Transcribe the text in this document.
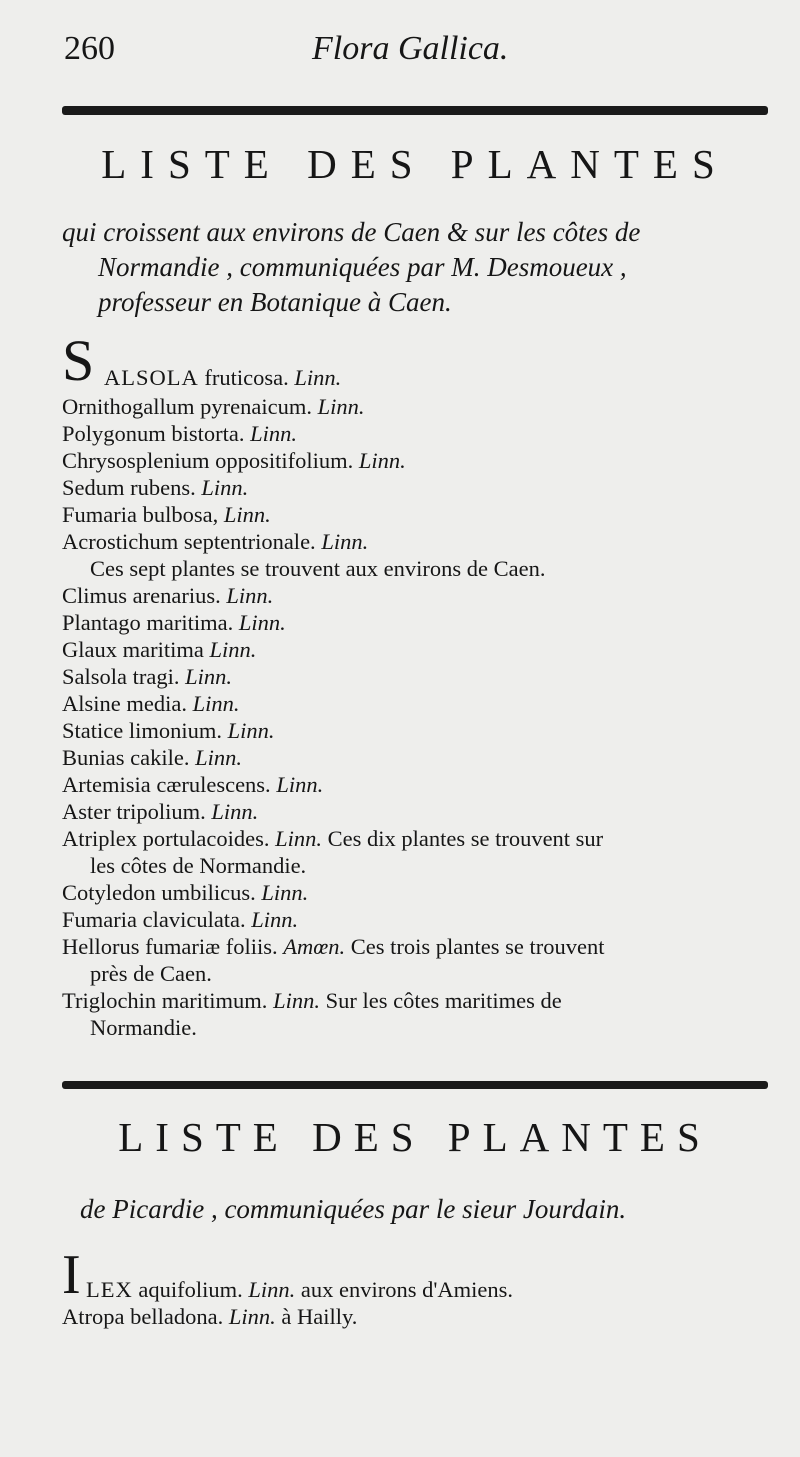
260	Flora Gallica.
LISTE DES PLANTES
qui croissent aux environs de Caen & sur les côtes de
Normandie , communiquées par M. Desmoueux ,
professeur en Botanique à Caen.
S ALSOLA fruticosa. Linn.
Ornithogallum pyrenaicum. Linn.
Polygonum bistorta. Linn.
Chrysosplenium oppositifolium. Linn.
Sedum rubens. Linn.
Fumaria bulbosa, Linn.
Acrostichum septentrionale. Linn.
Ces sept plantes se trouvent aux environs de Caen.
Climus arenarius. Linn.
Plantago maritima. Linn.
Glaux maritima Linn.
Salsola tragi. Linn.
Alsine media. Linn.
Statice limonium. Linn.
Bunias cakile. Linn.
Artemisia cærulescens. Linn.
Aster tripolium. Linn.
Atriplex portulacoides. Linn. Ces dix plantes se trouvent sur
les côtes de Normandie.
Cotyledon umbilicus. Linn.
Fumaria claviculata. Linn.
Hellorus fumariæ foliis. Amœn. Ces trois plantes se trouvent
près de Caen.
Triglochin maritimum. Linn. Sur les côtes maritimes de
Normandie.
LISTE DES PLANTES
de Picardie , communiquées par le sieur Jourdain.
I LEX aquifolium. Linn. aux environs d'Amiens.
Atropa belladona. Linn. à Hailly.
